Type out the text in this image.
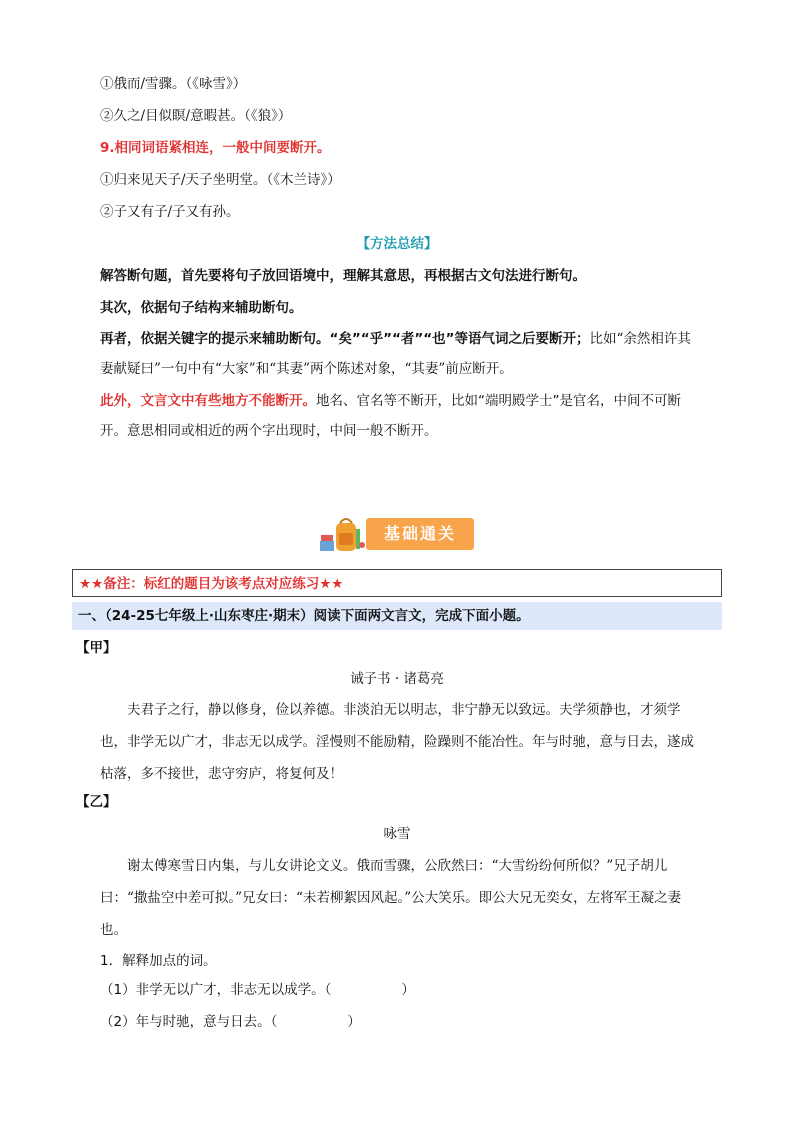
①俄而/雪骤。（《咏雪》）
②久之/目似瞑/意暇甚。（《狼》）
9.相同词语紧相连，一般中间要断开。
①归来见天子/天子坐明堂。（《木兰诗》）
②子又有子/子又有孙。
【方法总结】
解答断句题，首先要将句子放回语境中，理解其意思，再根据古文句法进行断句。
其次，依据句子结构来辅助断句。
再者，依据关键字的提示来辅助断句。“矣”“乎”“者”“也”等语气词之后要断开；比如“余然相许其妻献疑曰”一句中有“大家”和“其妻”两个陈述对象，“其妻”前应断开。
此外，文言文中有些地方不能断开。地名、官名等不断开，比如“端明殿学士”是官名，中间不可断开。意思相同或相近的两个字出现时，中间一般不断开。
基础通关
★★备注：标红的题目为该考点对应练习★★
一、（24-25七年级上·山东枣庄·期末）阅读下面两文言文，完成下面小题。
【甲】
诫子书 · 诸葛亮
夫君子之行，静以修身，俭以养德。非淡泊无以明志，非宁静无以致远。夫学须静也，才须学也，非学无以广才，非志无以成学。淫慢则不能励精，险躁则不能冶性。年与时驰，意与日去，遂成枯落，多不接世，悲守穷庐，将复何及！
【乙】
咏雪
谢太傅寒雪日内集，与儿女讲论文义。俄而雪骤，公欣然曰：“大雪纷纷何所似？”兄子胡儿曰：“撒盐空中差可拟。”兄女曰：“未若柳絮因风起。”公大笑乐。即公大兄无奕女，左将军王凝之妻也。
1．解释加点的词。
（1）非学无以广才，非志无以成学。（	）
（2）年与时驰，意与日去。（	）
